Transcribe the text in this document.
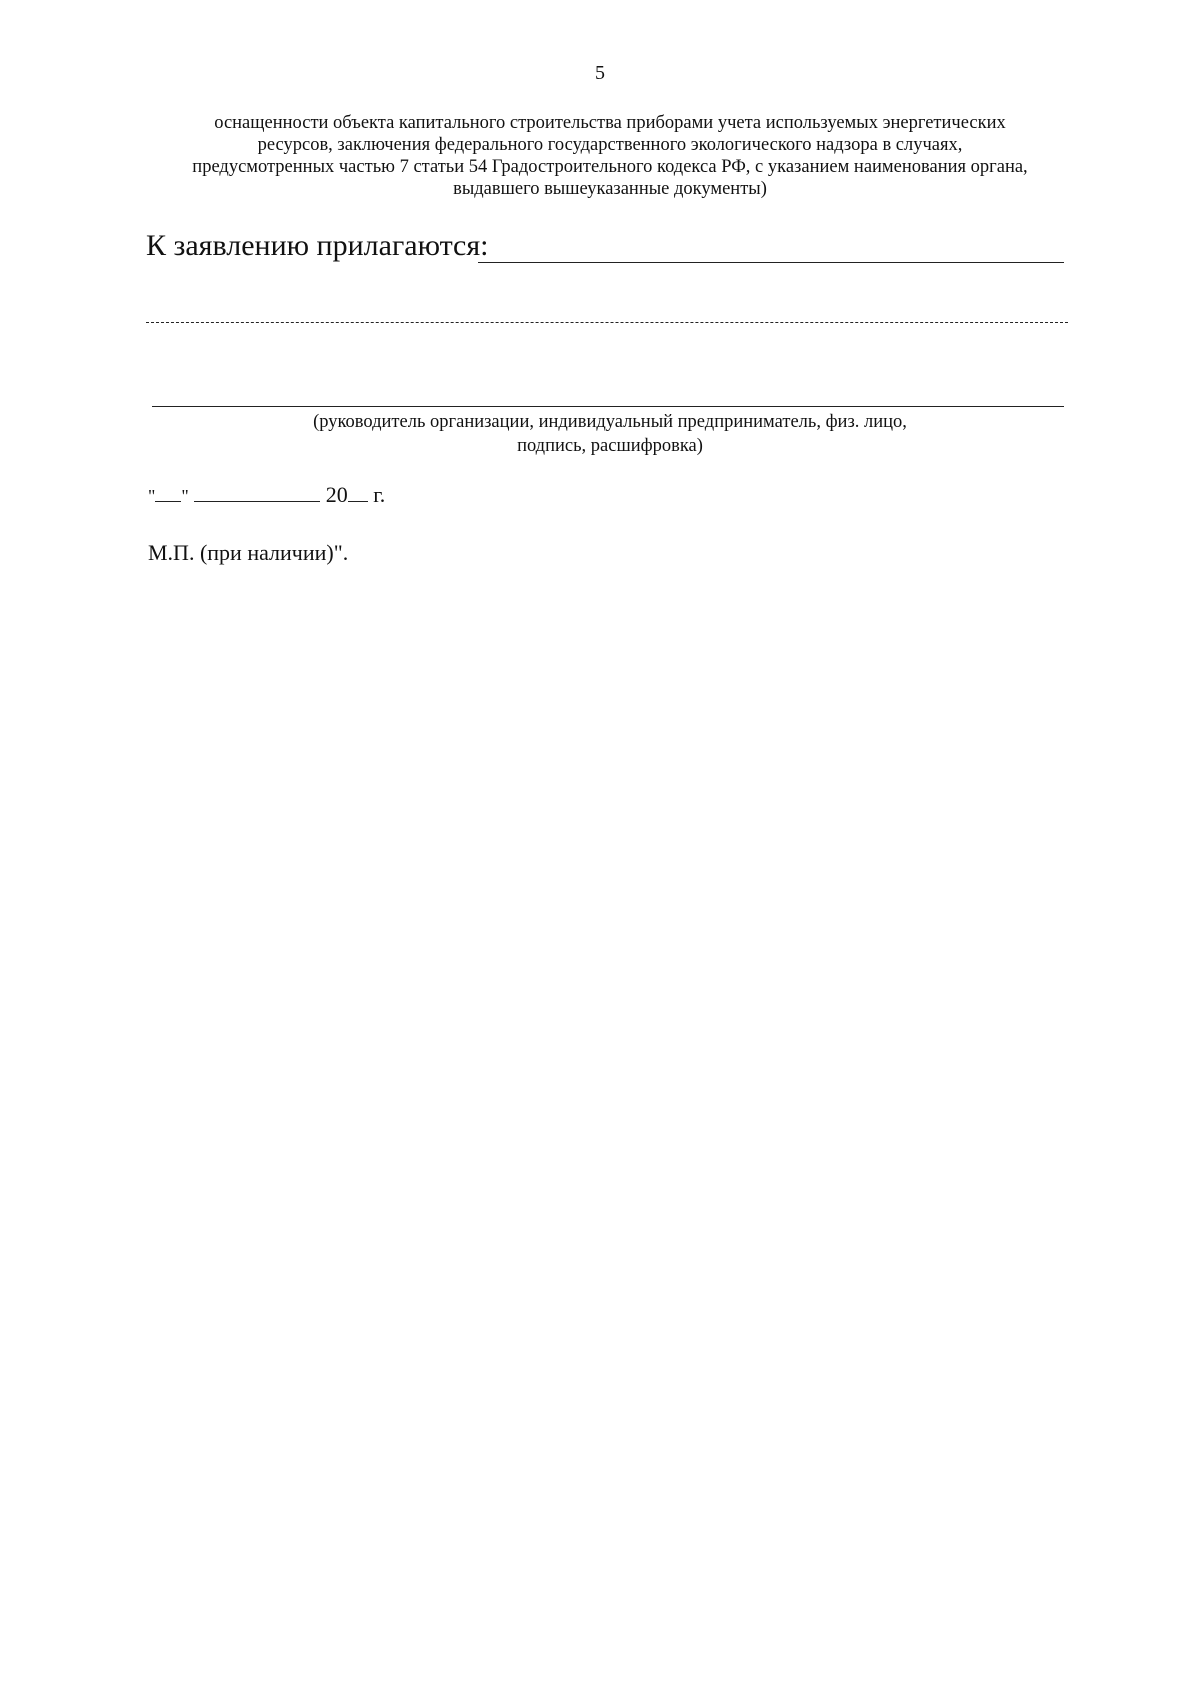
5
оснащенности объекта капитального строительства приборами учета используемых энергетических
ресурсов, заключения федерального государственного экологического надзора в случаях,
предусмотренных частью 7 статьи 54 Градостроительного кодекса РФ, с указанием наименования органа,
выдавшего вышеуказанные документы)
К заявлению прилагаются:
(руководитель организации, индивидуальный предприниматель, физ. лицо,
подпись, расшифровка)
" "	20 г.
М.П. (при наличии)".
